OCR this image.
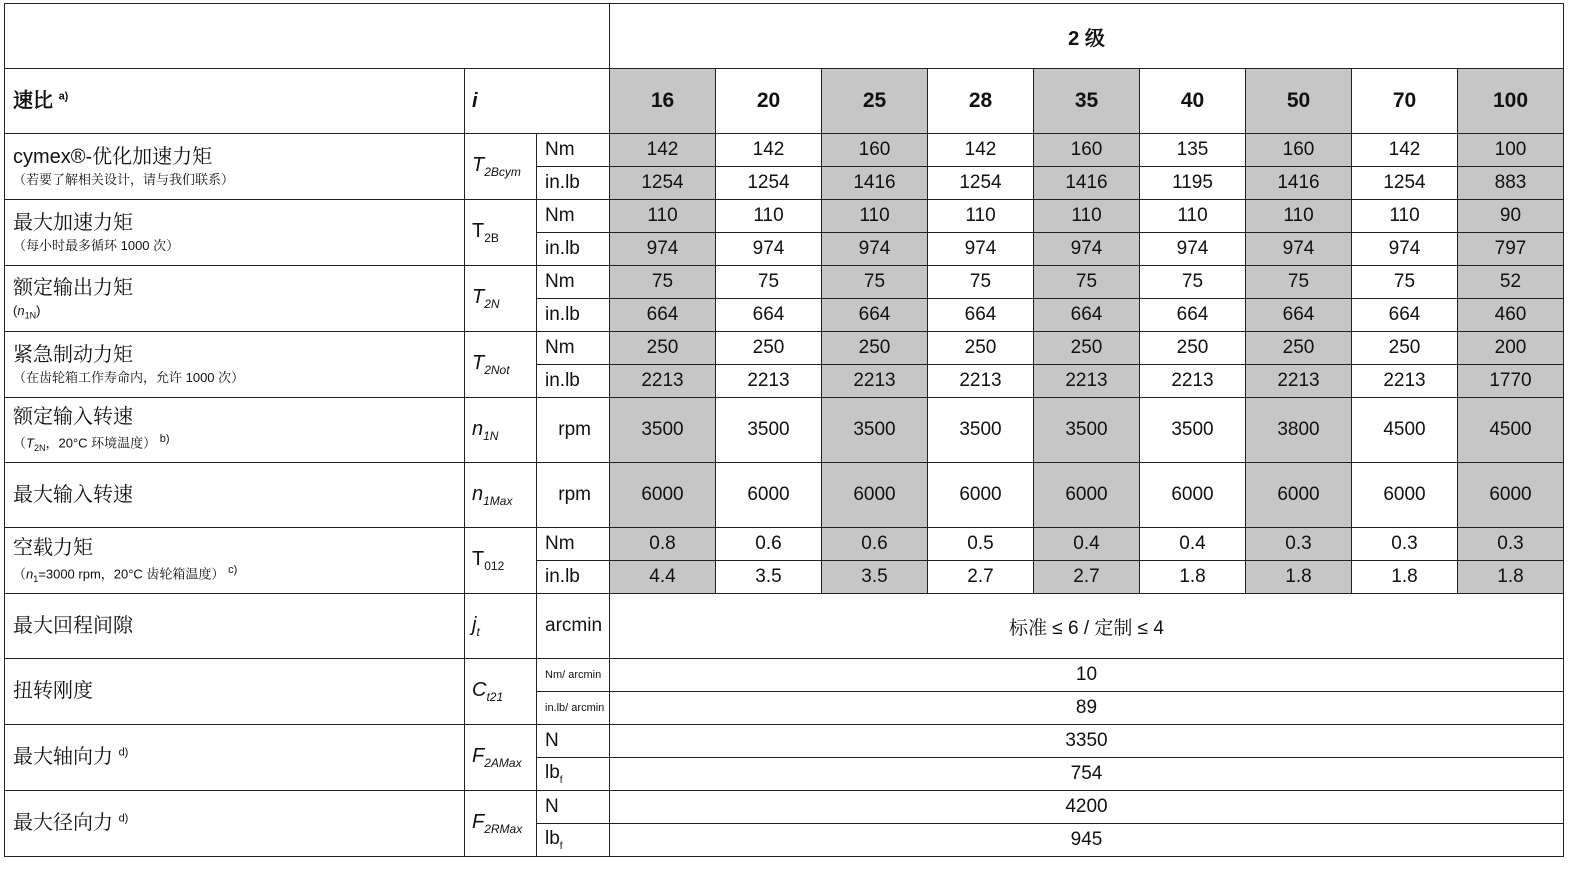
			2 级								
速比 $^{a)}$	i		16	20	25	28	35	40	50	70	100
cymex®-优化加速力矩
（若要了解相关设计，请与我们联系）	$T_{2Bcym}$	Nm	142	142	160	142	160	135	160	142	100
		in.lb	1254	1254	1416	1254	1416	1195	1416	1254	883
最大加速力矩
（每小时最多循环 1000 次）	$T_{2B}$	Nm	110	110	110	110	110	110	110	110	90
		in.lb	974	974	974	974	974	974	974	974	797
额定输出力矩
$(n_{1N})$	$T_{2N}$	Nm	75	75	75	75	75	75	75	75	52
		in.lb	664	664	664	664	664	664	664	664	460
紧急制动力矩
（在齿轮箱工作寿命内，允许 1000 次）	$T_{2Not}$	Nm	250	250	250	250	250	250	250	250	200
		in.lb	2213	2213	2213	2213	2213	2213	2213	2213	1770
额定输入转速
（$T_{2N}$，20°C 环境温度） $^{b)}$	$n_{1N}$	rpm	3500	3500	3500	3500	3500	3500	3800	4500	4500
最大输入转速	$n_{1Max}$	rpm	6000	6000	6000	6000	6000	6000	6000	6000	6000
空载力矩
（$n_1=3000$ rpm，20°C 齿轮箱温度） $^{c)}$	$T_{012}$	Nm	0.8	0.6	0.6	0.5	0.4	0.4	0.3	0.3	0.3
		in.lb	4.4	3.5	3.5	2.7	2.7	1.8	1.8	1.8	1.8
最大回程间隙	$j_t$	arcmin	标准 ≤ 6 / 定制 ≤ 4								
扭转刚度	$C_{t21}$	Nm/ arcmin	10								
		in.lb/ arcmin	89								
最大轴向力 $^{d)}$	$F_{2AMax}$	N	3350								
		$lb_f$	754								
最大径向力 $^{d)}$	$F_{2RMax}$	N	4200								
		$lb_f$	945								
